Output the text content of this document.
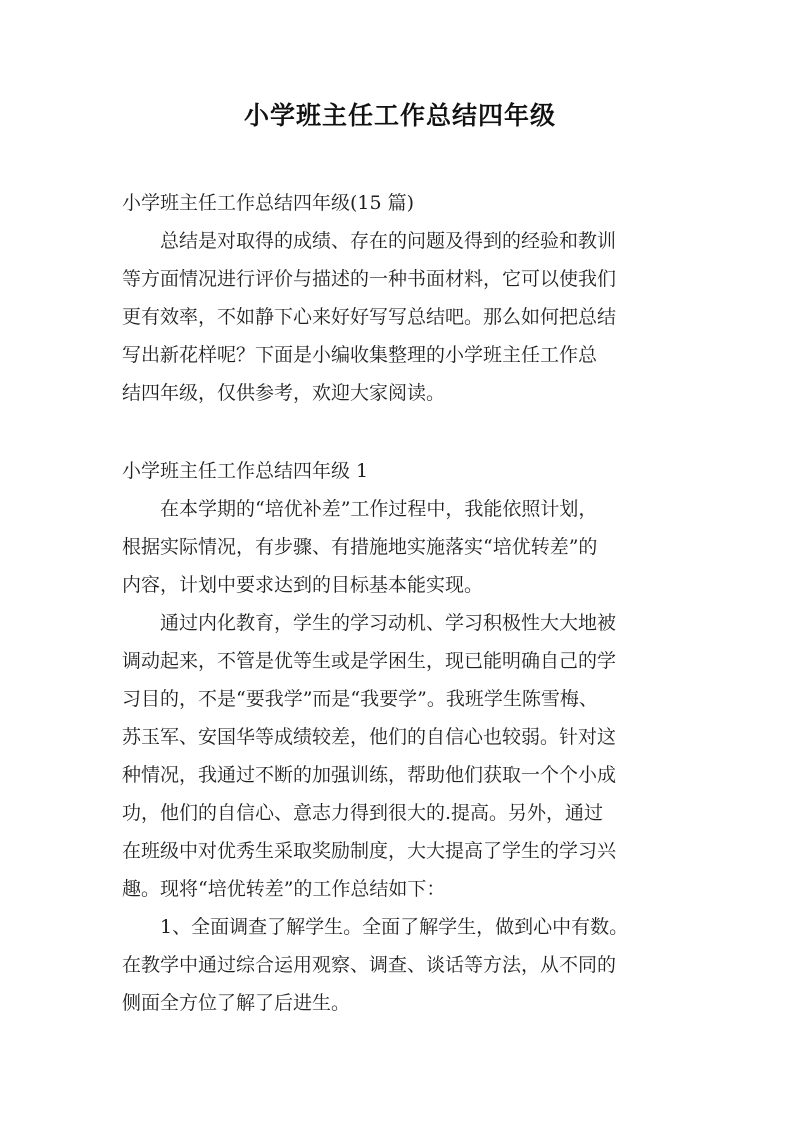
小学班主任工作总结四年级

小学班主任工作总结四年级(15 篇)

总结是对取得的成绩、存在的问题及得到的经验和教训

等方面情况进行评价与描述的一种书面材料，它可以使我们

更有效率，不如静下心来好好写写总结吧。那么如何把总结

写出新花样呢？下面是小编收集整理的小学班主任工作总

结四年级，仅供参考，欢迎大家阅读。

小学班主任工作总结四年级 1

在本学期的“培优补差”工作过程中，我能依照计划，

根据实际情况，有步骤、有措施地实施落实“培优转差”的

内容，计划中要求达到的目标基本能实现。

通过内化教育，学生的学习动机、学习积极性大大地被

调动起来，不管是优等生或是学困生，现已能明确自己的学

习目的，不是“要我学”而是“我要学”。我班学生陈雪梅、

苏玉军、安国华等成绩较差，他们的自信心也较弱。针对这

种情况，我通过不断的加强训练，帮助他们获取一个个小成

功，他们的自信心、意志力得到很大的.提高。另外，通过

在班级中对优秀生采取奖励制度，大大提高了学生的学习兴

趣。现将“培优转差”的工作总结如下：

1、全面调查了解学生。全面了解学生，做到心中有数。

在教学中通过综合运用观察、调查、谈话等方法，从不同的

侧面全方位了解了后进生。
